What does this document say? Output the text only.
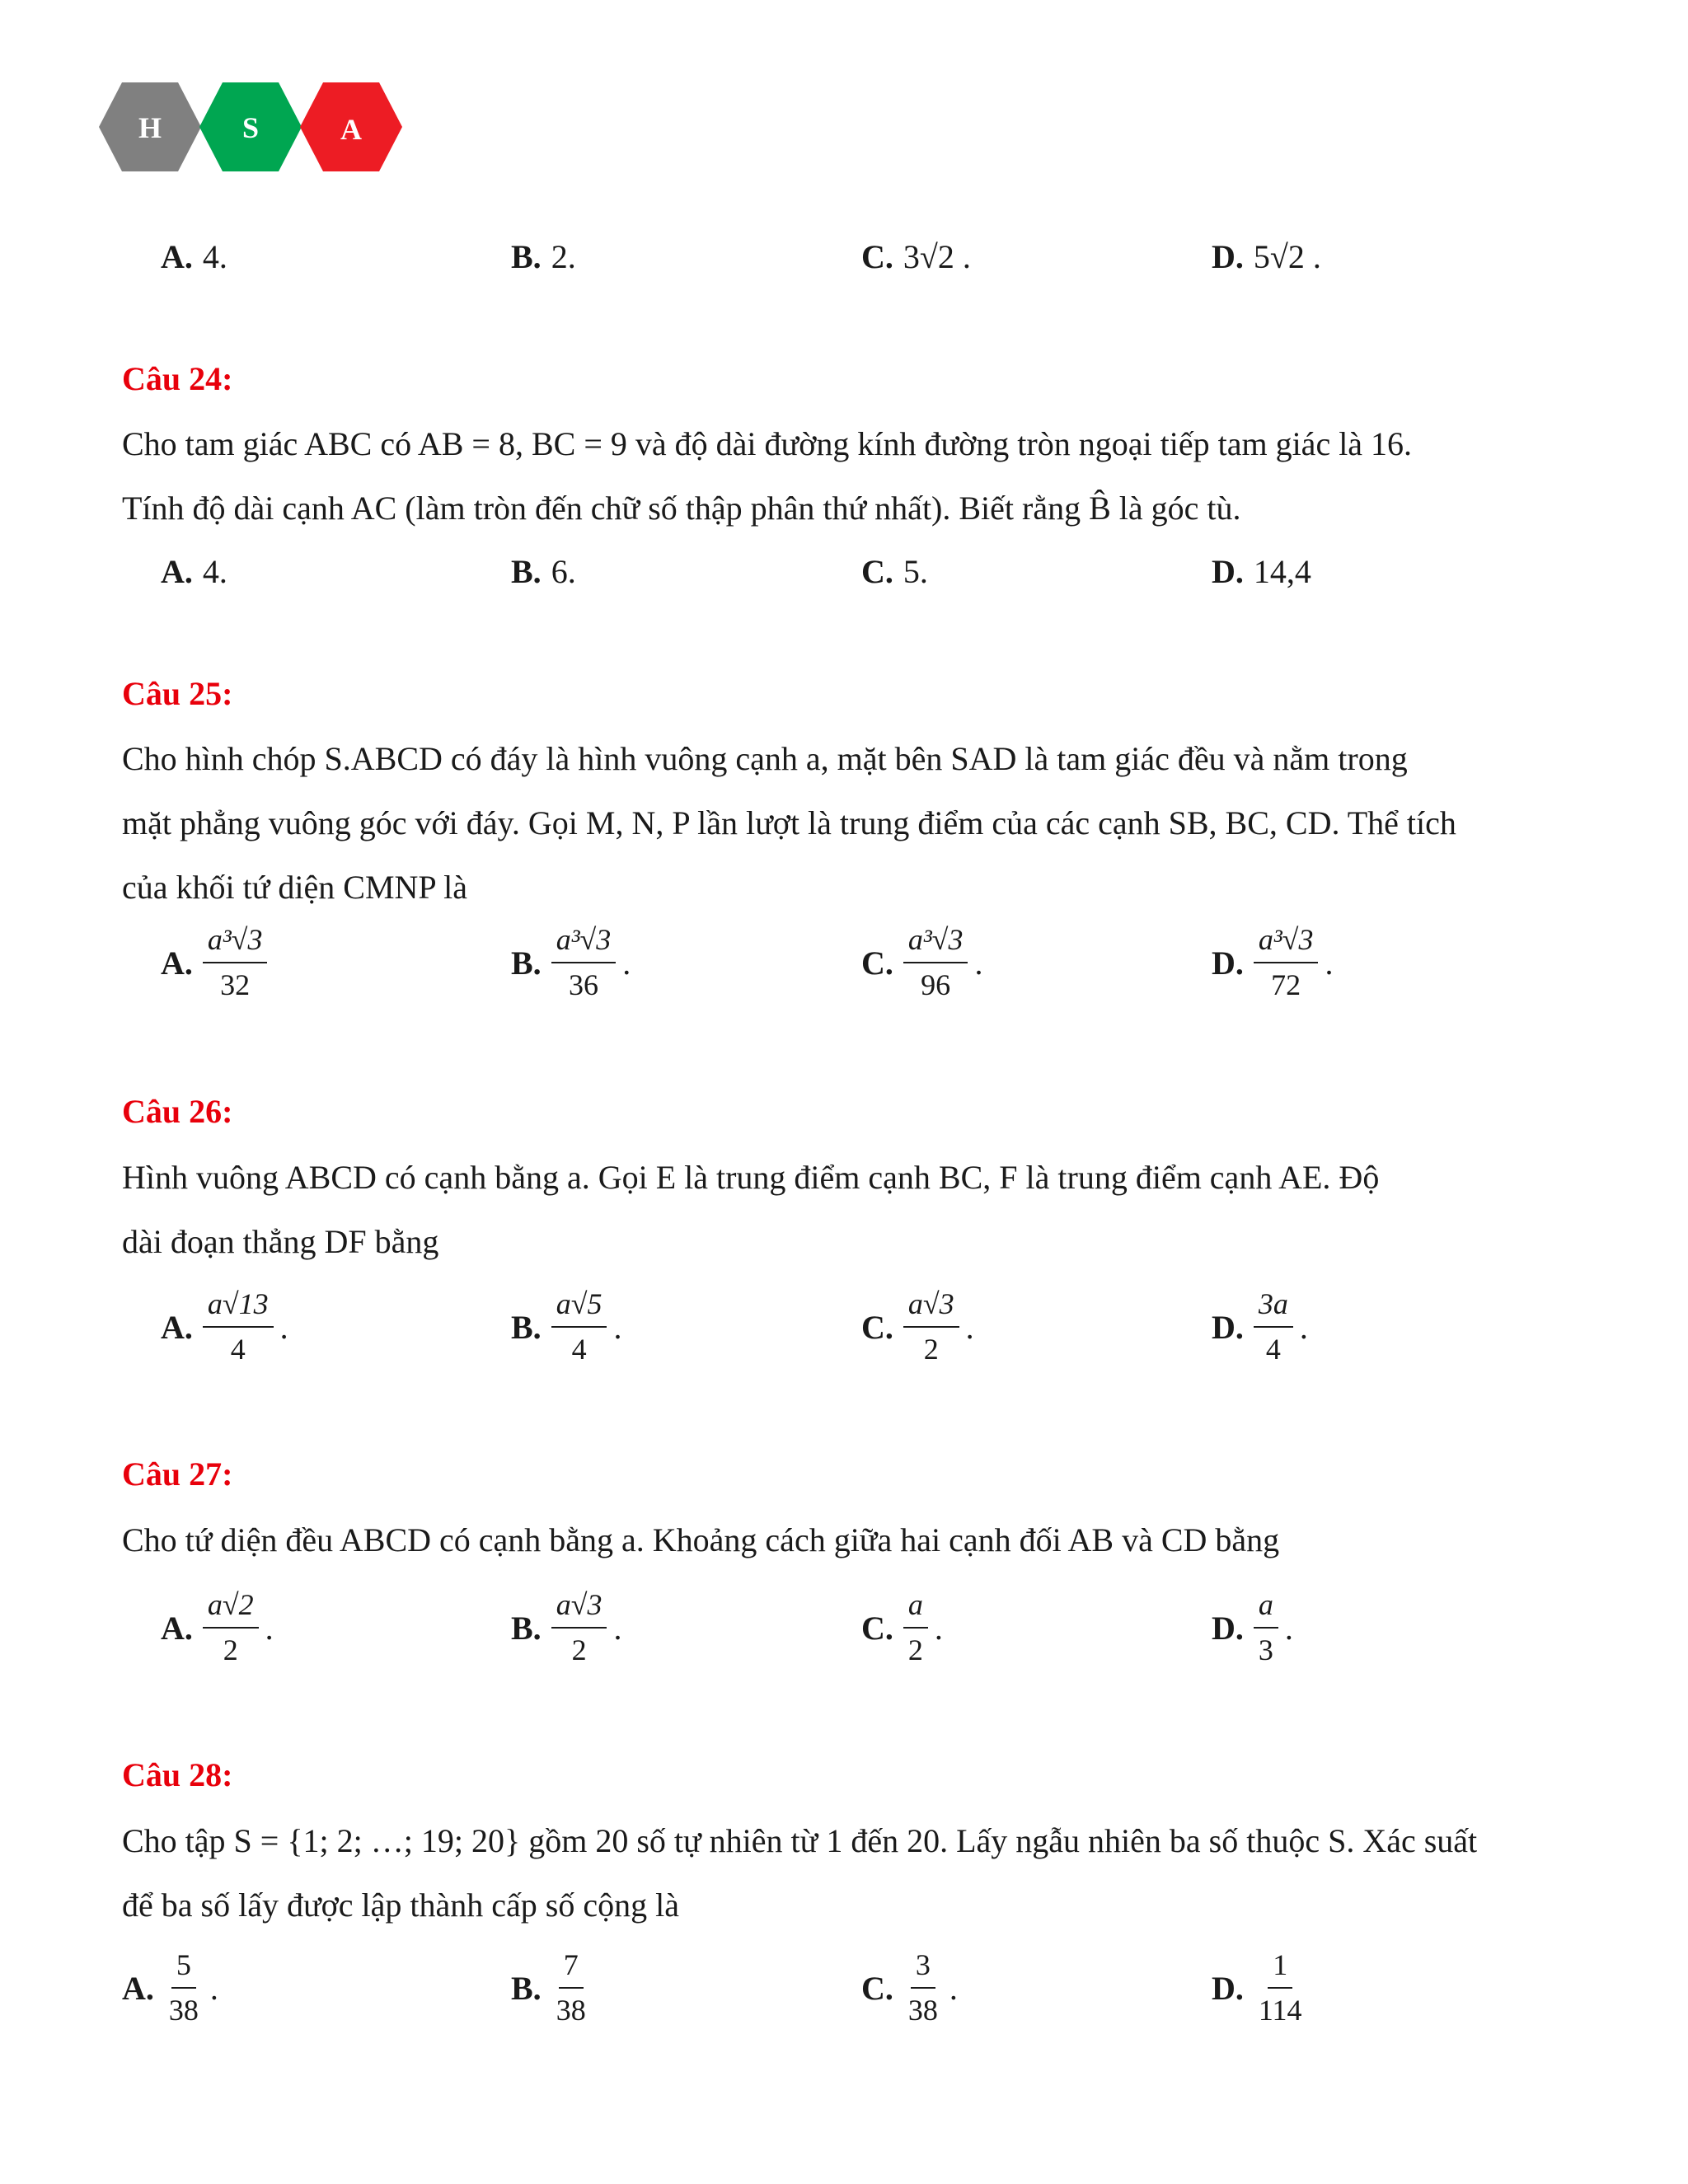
H	S	A
A. 4.	B. 2.	C. 3√2 .	D. 5√2 .
Câu 24:

Cho tam giác ABC có AB = 8, BC = 9 và độ dài đường kính đường tròn ngoại tiếp tam giác là 16.

Tính độ dài cạnh AC (làm tròn đến chữ số thập phân thứ nhất). Biết rằng B̂ là góc tù.

A. 4.	B. 6.	C. 5.	D. 14,4
Câu 25:

Cho hình chóp S.ABCD có đáy là hình vuông cạnh a, mặt bên SAD là tam giác đều và nằm trong

mặt phẳng vuông góc với đáy. Gọi M, N, P lần lượt là trung điểm của các cạnh SB, BC, CD. Thể tích

của khối tứ diện CMNP là

A. $\frac{\text{a³√3}}{32}$	B. $\frac{\text{a³√3}}{36}$ .	C. $\frac{\text{a³√3}}{96}$ .	D. $\frac{\text{a³√3}}{72}$ .
Câu 26:

Hình vuông ABCD có cạnh bằng a. Gọi E là trung điểm cạnh BC, F là trung điểm cạnh AE. Độ

dài đoạn thẳng DF bằng

A. $\frac{a√13}{4}$ .	B. $\frac{a√5}{4}$ .	C. $\frac{a√3}{2}$ .	D. $\frac{3a}{4}$ .
Câu 27:

Cho tứ diện đều ABCD có cạnh bằng a. Khoảng cách giữa hai cạnh đối AB và CD bằng

A. $\frac{a√2}{2}$ .	B. $\frac{a√3}{2}$ .	C. $\frac{a}{2}$ .	D. $\frac{a}{3}$ .
Câu 28:

Cho tập S = {1; 2; …; 19; 20} gồm 20 số tự nhiên từ 1 đến 20. Lấy ngẫu nhiên ba số thuộc S. Xác suất

để ba số lấy được lập thành cấp số cộng là

A. $\frac{5}{38}$ .	B. $\frac{7}{38}$	C. $\frac{3}{38}$ .	D. $\frac{1}{114}$
